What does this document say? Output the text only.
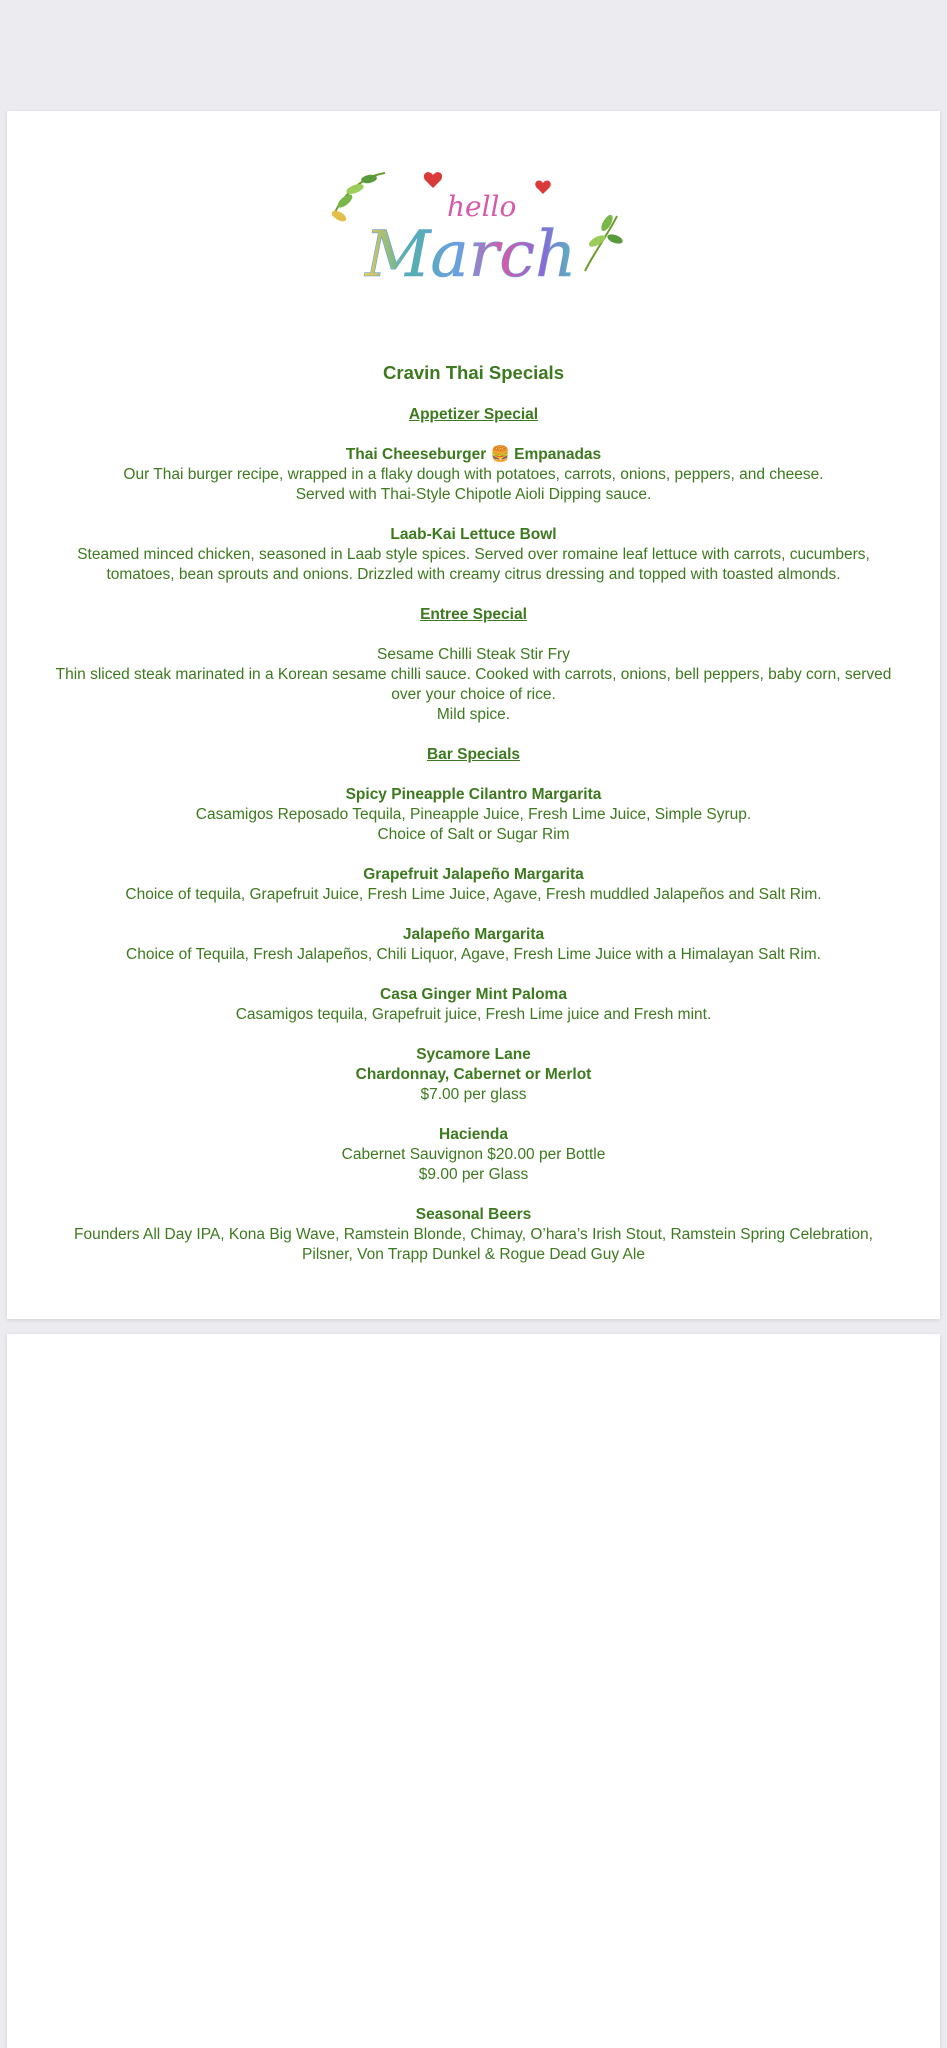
hello
March
Cravin Thai Specials
Appetizer Special
Thai Cheeseburger 🍔 Empanadas
Our Thai burger recipe, wrapped in a flaky dough with potatoes, carrots, onions, peppers, and cheese.
Served with Thai-Style Chipotle Aioli Dipping sauce.
Laab-Kai Lettuce Bowl
Steamed minced chicken, seasoned in Laab style spices. Served over romaine leaf lettuce with carrots, cucumbers,
tomatoes, bean sprouts and onions. Drizzled with creamy citrus dressing and topped with toasted almonds.
Entree Special
Sesame Chilli Steak Stir Fry
Thin sliced steak marinated in a Korean sesame chilli sauce. Cooked with carrots, onions, bell peppers, baby corn, served
over your choice of rice.
Mild spice.
Bar Specials
Spicy Pineapple Cilantro Margarita
Casamigos Reposado Tequila, Pineapple Juice, Fresh Lime Juice, Simple Syrup.
Choice of Salt or Sugar Rim
Grapefruit Jalapeño Margarita
Choice of tequila, Grapefruit Juice, Fresh Lime Juice, Agave, Fresh muddled Jalapeños and Salt Rim.
Jalapeño Margarita
Choice of Tequila, Fresh Jalapeños, Chili Liquor, Agave, Fresh Lime Juice with a Himalayan Salt Rim.
Casa Ginger Mint Paloma
Casamigos tequila, Grapefruit juice, Fresh Lime juice and Fresh mint.
Sycamore Lane
Chardonnay, Cabernet or Merlot
$7.00 per glass
Hacienda
Cabernet Sauvignon $20.00 per Bottle
$9.00 per Glass
Seasonal Beers
Founders All Day IPA, Kona Big Wave, Ramstein Blonde, Chimay, O’hara’s Irish Stout, Ramstein Spring Celebration,
Pilsner, Von Trapp Dunkel & Rogue Dead Guy Ale
